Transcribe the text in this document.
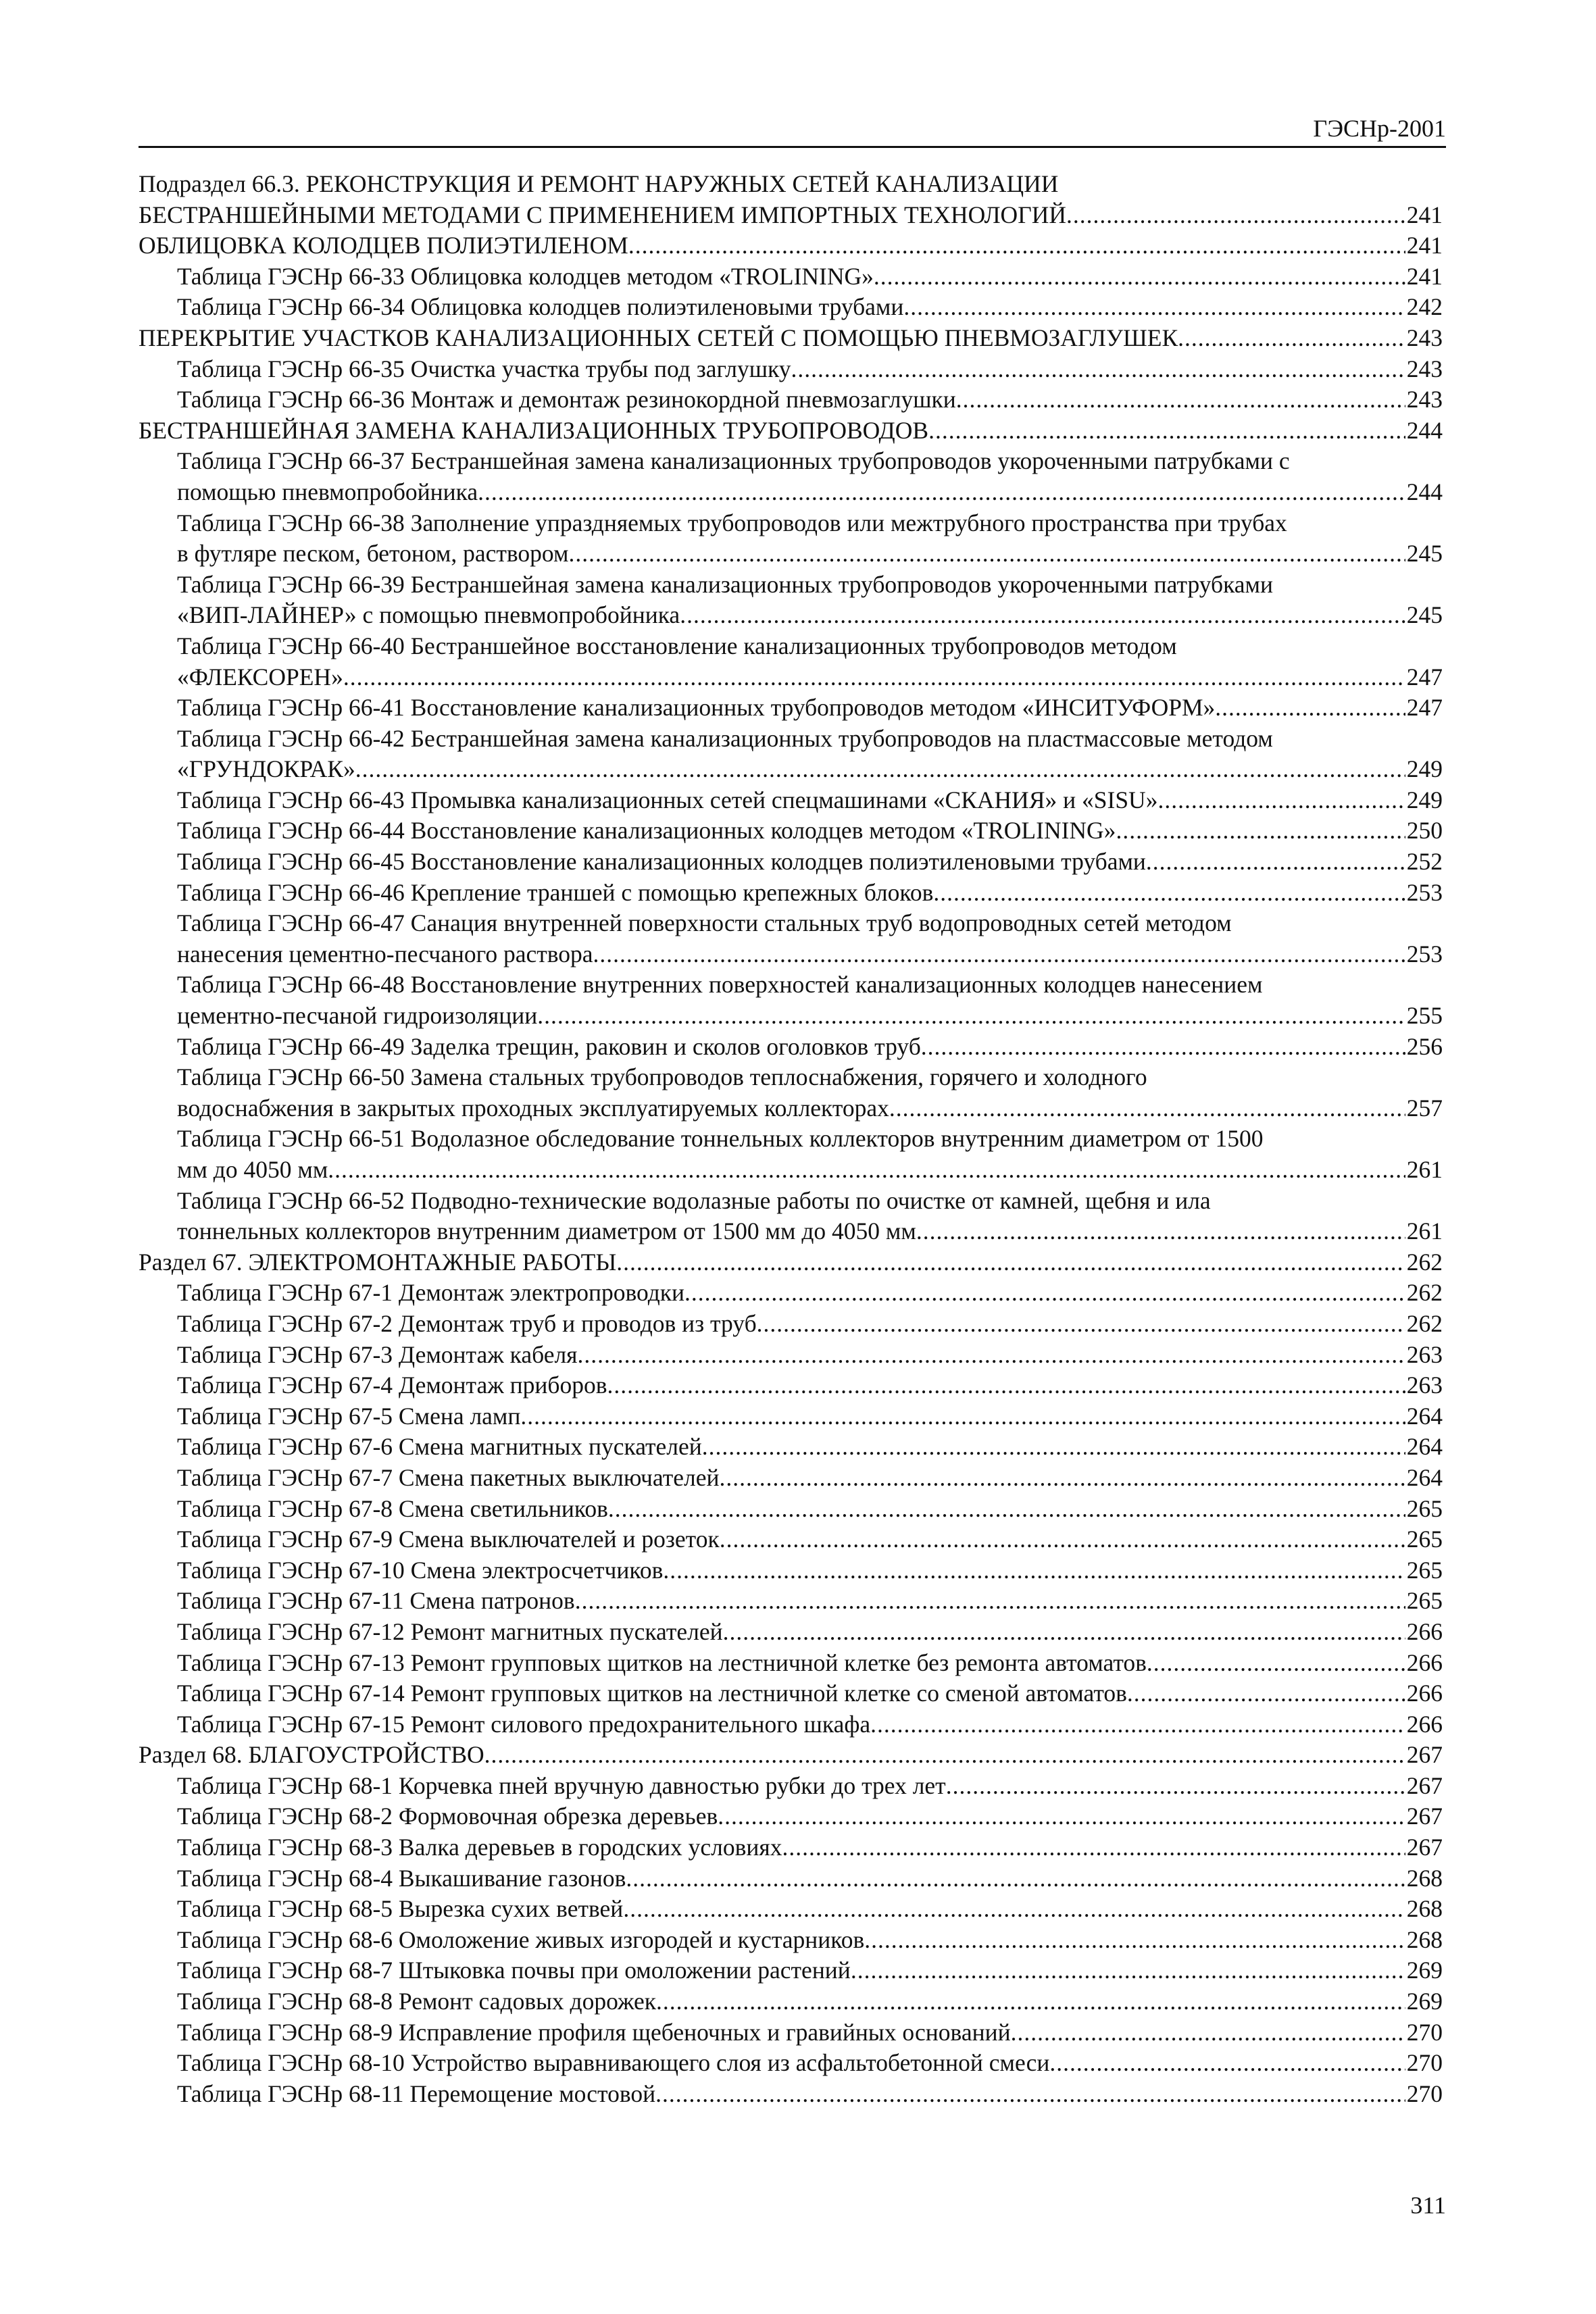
ГЭСНр-2001
Подраздел 66.3. РЕКОНСТРУКЦИЯ И РЕМОНТ НАРУЖНЫХ СЕТЕЙ КАНАЛИЗАЦИИ
БЕСТРАНШЕЙНЫМИ МЕТОДАМИ С ПРИМЕНЕНИЕМ ИМПОРТНЫХ ТЕХНОЛОГИЙ .....	241
ОБЛИЦОВКА КОЛОДЦЕВ ПОЛИЭТИЛЕНОМ .....	241
Таблица ГЭСНр 66-33 Облицовка колодцев методом «TROLINING» .....	241
Таблица ГЭСНр 66-34 Облицовка колодцев полиэтиленовыми трубами .....	242
ПЕРЕКРЫТИЕ УЧАСТКОВ КАНАЛИЗАЦИОННЫХ СЕТЕЙ С ПОМОЩЬЮ ПНЕВМОЗАГЛУШЕК .....	243
Таблица ГЭСНр 66-35 Очистка участка трубы под заглушку .....	243
Таблица ГЭСНр 66-36 Монтаж и демонтаж резинокордной пневмозаглушки .....	243
БЕСТРАНШЕЙНАЯ ЗАМЕНА КАНАЛИЗАЦИОННЫХ ТРУБОПРОВОДОВ .....	244
Таблица ГЭСНр 66-37 Бестраншейная замена канализационных трубопроводов укороченными патрубками с
помощью пневмопробойника .....	244
Таблица ГЭСНр 66-38 Заполнение упраздняемых трубопроводов или межтрубного пространства при трубах
в футляре песком, бетоном, раствором .....	245
Таблица ГЭСНр 66-39 Бестраншейная замена канализационных трубопроводов укороченными патрубками
«ВИП-ЛАЙНЕР» с помощью пневмопробойника .....	245
Таблица ГЭСНр 66-40 Бестраншейное восстановление канализационных трубопроводов методом
«ФЛЕКСОРЕН» .....	247
Таблица ГЭСНр 66-41 Восстановление канализационных трубопроводов методом «ИНСИТУФОРМ» .....	247
Таблица ГЭСНр 66-42 Бестраншейная замена канализационных трубопроводов на пластмассовые методом
«ГРУНДОКРАК» .....	249
Таблица ГЭСНр 66-43 Промывка канализационных сетей спецмашинами «СКАНИЯ» и «SISU» .....	249
Таблица ГЭСНр 66-44 Восстановление канализационных колодцев методом «TROLINING» .....	250
Таблица ГЭСНр 66-45 Восстановление канализационных колодцев полиэтиленовыми трубами .....	252
Таблица ГЭСНр 66-46 Крепление траншей с помощью крепежных блоков .....	253
Таблица ГЭСНр 66-47 Санация внутренней поверхности стальных труб водопроводных сетей методом
нанесения цементно-песчаного раствора .....	253
Таблица ГЭСНр 66-48 Восстановление внутренних поверхностей канализационных колодцев нанесением
цементно-песчаной гидроизоляции .....	255
Таблица ГЭСНр 66-49 Заделка трещин, раковин и сколов оголовков труб .....	256
Таблица ГЭСНр 66-50 Замена стальных трубопроводов теплоснабжения, горячего и холодного
водоснабжения в закрытых проходных эксплуатируемых коллекторах .....	257
Таблица ГЭСНр 66-51 Водолазное обследование тоннельных коллекторов внутренним диаметром от 1500
мм до 4050 мм .....	261
Таблица ГЭСНр 66-52 Подводно-технические водолазные работы по очистке от камней, щебня и ила
тоннельных коллекторов внутренним диаметром от 1500 мм до 4050 мм .....	261
Раздел 67. ЭЛЕКТРОМОНТАЖНЫЕ РАБОТЫ .....	262
Таблица ГЭСНр 67-1 Демонтаж электропроводки .....	262
Таблица ГЭСНр 67-2 Демонтаж труб и проводов из труб .....	262
Таблица ГЭСНр 67-3 Демонтаж кабеля .....	263
Таблица ГЭСНр 67-4 Демонтаж приборов .....	263
Таблица ГЭСНр 67-5 Смена ламп .....	264
Таблица ГЭСНр 67-6 Смена магнитных пускателей .....	264
Таблица ГЭСНр 67-7 Смена пакетных выключателей .....	264
Таблица ГЭСНр 67-8 Смена светильников .....	265
Таблица ГЭСНр 67-9 Смена выключателей и розеток .....	265
Таблица ГЭСНр 67-10 Смена электросчетчиков .....	265
Таблица ГЭСНр 67-11 Смена патронов .....	265
Таблица ГЭСНр 67-12 Ремонт магнитных пускателей .....	266
Таблица ГЭСНр 67-13 Ремонт групповых щитков на лестничной клетке без ремонта автоматов .....	266
Таблица ГЭСНр 67-14 Ремонт групповых щитков на лестничной клетке со сменой автоматов .....	266
Таблица ГЭСНр 67-15 Ремонт силового предохранительного шкафа .....	266
Раздел 68. БЛАГОУСТРОЙСТВО .....	267
Таблица ГЭСНр 68-1 Корчевка пней вручную давностью рубки до трех лет .....	267
Таблица ГЭСНр 68-2 Формовочная обрезка деревьев .....	267
Таблица ГЭСНр 68-3 Валка деревьев в городских условиях .....	267
Таблица ГЭСНр 68-4 Выкашивание газонов .....	268
Таблица ГЭСНр 68-5 Вырезка сухих ветвей .....	268
Таблица ГЭСНр 68-6 Омоложение живых изгородей и кустарников .....	268
Таблица ГЭСНр 68-7 Штыковка почвы при омоложении растений .....	269
Таблица ГЭСНр 68-8 Ремонт садовых дорожек .....	269
Таблица ГЭСНр 68-9 Исправление профиля щебеночных и гравийных оснований .....	270
Таблица ГЭСНр 68-10 Устройство выравнивающего слоя из асфальтобетонной смеси .....	270
Таблица ГЭСНр 68-11 Перемощение мостовой .....	270
311
